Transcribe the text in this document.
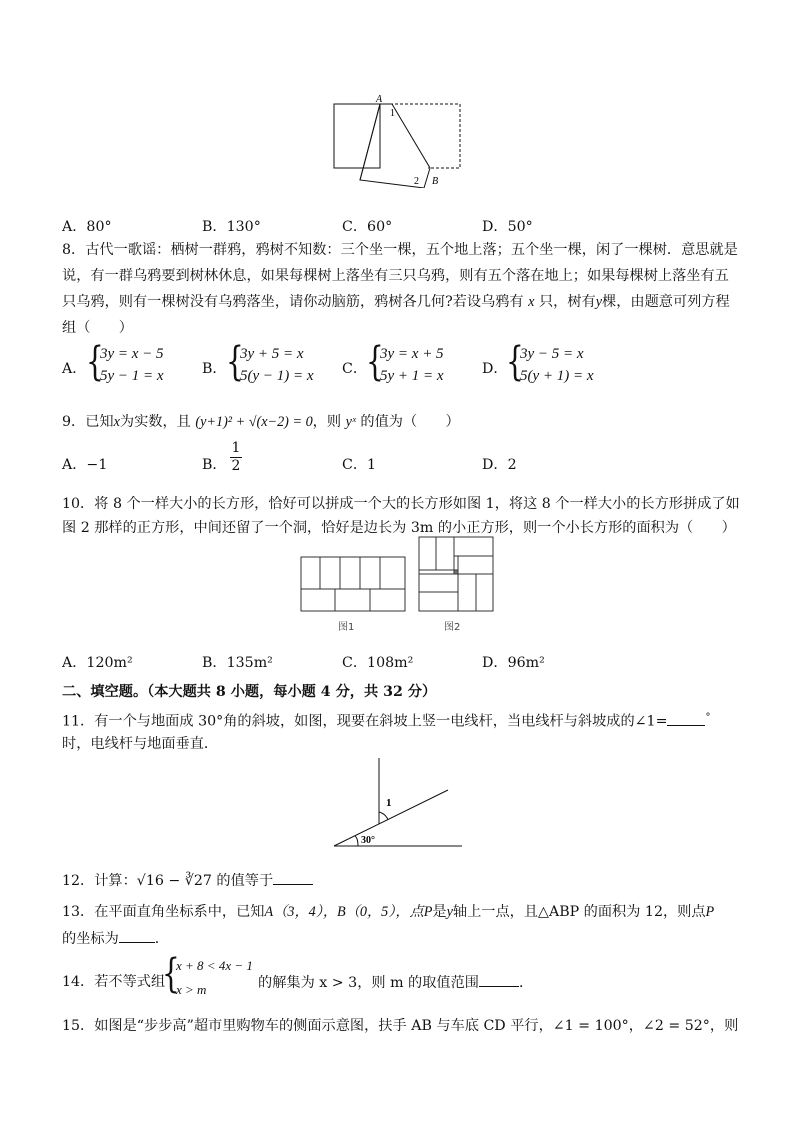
A
1
2 B
A．80°	B．130°	C．60°	D．50°
8．古代一歌谣：栖树一群鸦，鸦树不知数：三个坐一棵，五个地上落；五个坐一棵，闲了一棵树．意思就是
说，有一群乌鸦要到树林休息，如果每棵树上落坐有三只乌鸦，则有五个落在地上；如果每棵树上落坐有五
只乌鸦，则有一棵树没有乌鸦落坐，请你动脑筋，鸦树各几何?若设乌鸦有 x 只，树有y棵，由题意可列方程
组（　　）
A． {
3y = x − 5
5y − 1 = x	B． {
3y + 5 = x
5(y − 1) = x C．
{
3y = x + 5
5y + 1 = x	D．
{
3y − 5 = x
5(y + 1) = x
9．已知x为实数，且 (y+1)² + √(x−2) = 0，则 yˣ 的值为（　　）
A．−1	B． $\frac{1}{2}$	C．1	D．2
10．将 8 个一样大小的长方形，恰好可以拼成一个大的长方形如图 1，将这 8 个一样大小的长方形拼成了如
图 2 那样的正方形，中间还留了一个洞，恰好是边长为 3m 的小正方形，则一个小长方形的面积为（　　）
图1	图2
A．120m²	B．135m²	C．108m²	D．96m²
二、填空题。（本大题共 8 小题，每小题 4 分，共 32 分）
11．有一个与地面成 30°角的斜坡，如图，现要在斜坡上竖一电线杆，当电线杆与斜坡成的∠1=	°
时，电线杆与地面垂直．
1
30°
12．计算：√16 − ∛27 的值等于
13．在平面直角坐标系中，已知A（3，4），B（0，5），点P是y轴上一点，且△ABP 的面积为 12，则点P
的坐标为	．
14．若不等式组
{
x + 8 < 4x − 1
x > m	的解集为 x > 3，则 m 的取值范围	．
15．如图是“步步高”超市里购物车的侧面示意图，扶手 AB 与车底 CD 平行，∠1 = 100°，∠2 = 52°，则
